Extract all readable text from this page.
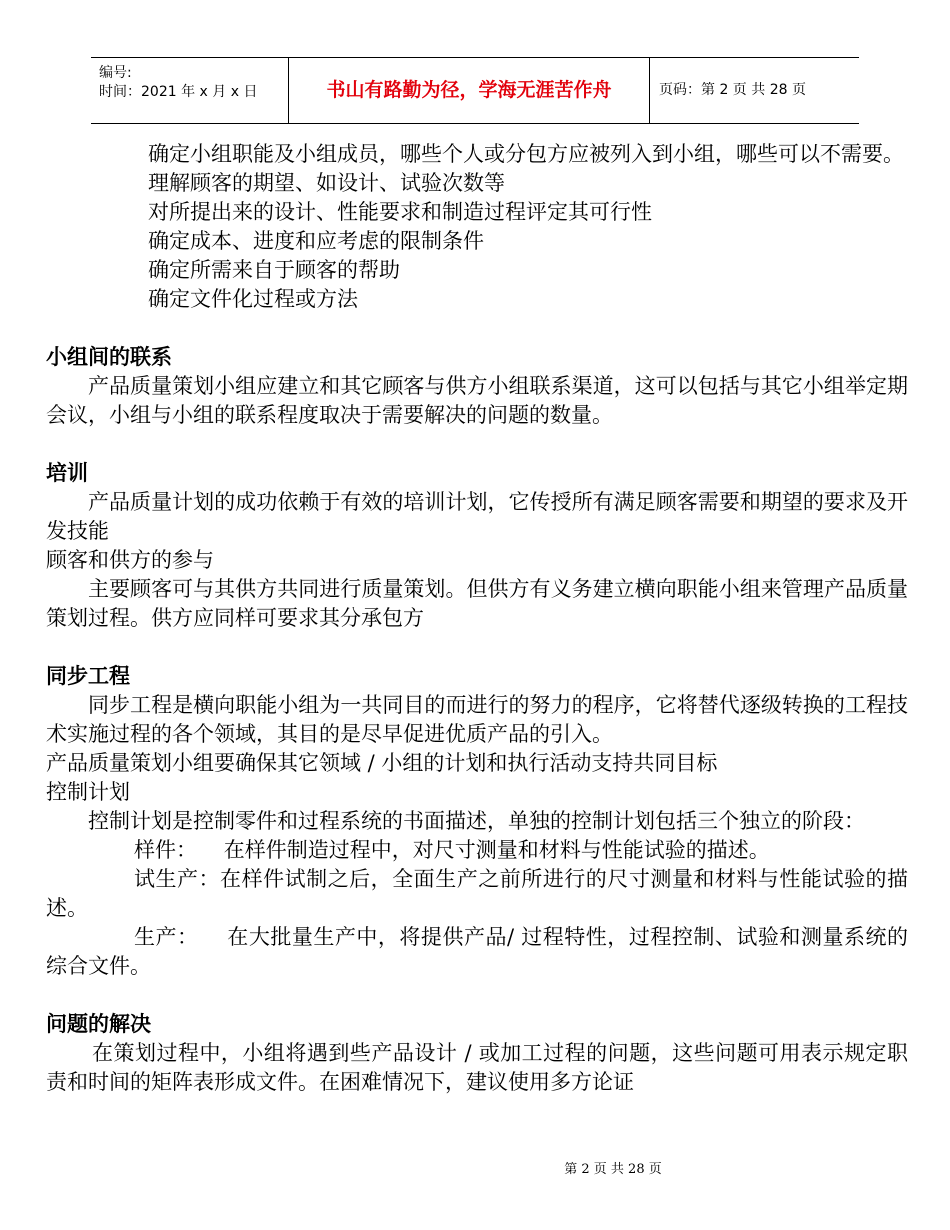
编号:
时间：2021 年 x 月 x 日	书山有路勤为径，学海无涯苦作舟	页码：第 2 页 共 28 页

确定小组职能及小组成员，哪些个人或分包方应被列入到小组，哪些可以不需要。

理解顾客的期望、如设计、试验次数等

对所提出来的设计、性能要求和制造过程评定其可行性

确定成本、进度和应考虑的限制条件

确定所需来自于顾客的帮助

确定文件化过程或方法

小组间的联系

产品质量策划小组应建立和其它顾客与供方小组联系渠道，这可以包括与其它小组举定期会议，小组与小组的联系程度取决于需要解决的问题的数量。

培训

产品质量计划的成功依赖于有效的培训计划，它传授所有满足顾客需要和期望的要求及开发技能

顾客和供方的参与

主要顾客可与其供方共同进行质量策划。但供方有义务建立横向职能小组来管理产品质量策划过程。供方应同样可要求其分承包方

同步工程

同步工程是横向职能小组为一共同目的而进行的努力的程序，它将替代逐级转换的工程技术实施过程的各个领域，其目的是尽早促进优质产品的引入。

产品质量策划小组要确保其它领域 / 小组的计划和执行活动支持共同目标

控制计划

控制计划是控制零件和过程系统的书面描述，单独的控制计划包括三个独立的阶段：

样件：    在样件制造过程中，对尺寸测量和材料与性能试验的描述。

试生产：在样件试制之后，全面生产之前所进行的尺寸测量和材料与性能试验的描述。

生产：    在大批量生产中，将提供产品/ 过程特性，过程控制、试验和测量系统的综合文件。

问题的解决

在策划过程中，小组将遇到些产品设计 / 或加工过程的问题，这些问题可用表示规定职责和时间的矩阵表形成文件。在困难情况下，建议使用多方论证

第 2 页 共 28 页
